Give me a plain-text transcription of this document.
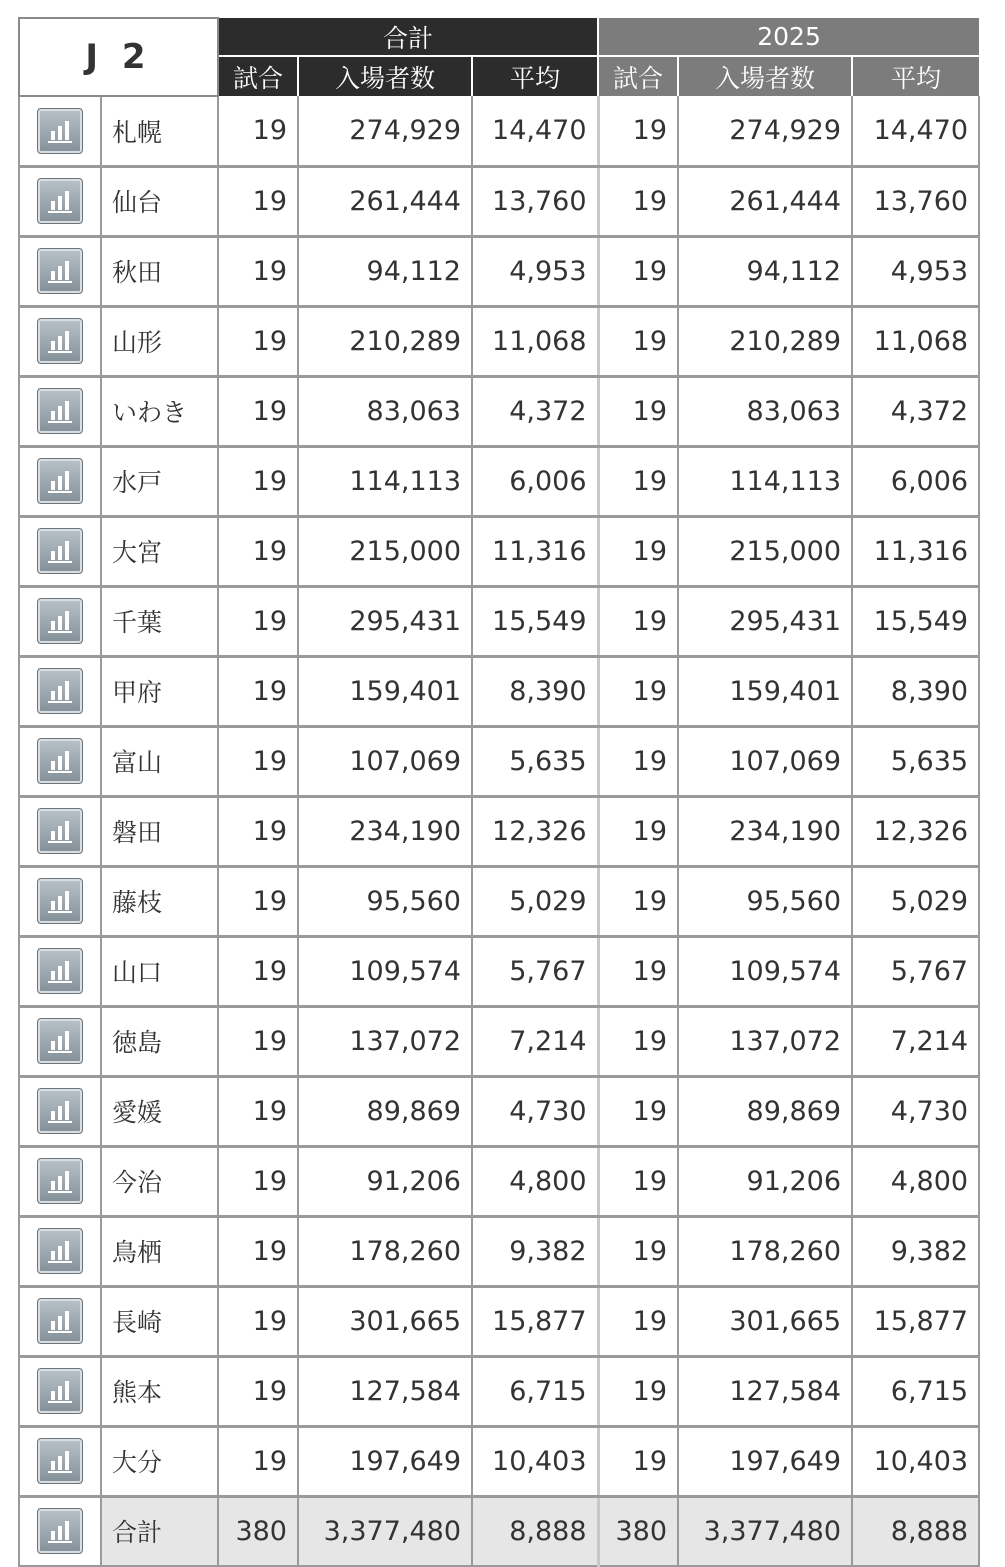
J 2		合計			2025		
		試合	入場者数	平均	試合	入場者数	平均

	札幌	19	274,929	14,470	19	274,929	14,470

	仙台	19	261,444	13,760	19	261,444	13,760

	秋田	19	94,112	4,953	19	94,112	4,953

	山形	19	210,289	11,068	19	210,289	11,068

	いわき	19	83,063	4,372	19	83,063	4,372

	水戸	19	114,113	6,006	19	114,113	6,006

	大宮	19	215,000	11,316	19	215,000	11,316

	千葉	19	295,431	15,549	19	295,431	15,549

	甲府	19	159,401	8,390	19	159,401	8,390

	富山	19	107,069	5,635	19	107,069	5,635

	磐田	19	234,190	12,326	19	234,190	12,326

	藤枝	19	95,560	5,029	19	95,560	5,029

	山口	19	109,574	5,767	19	109,574	5,767

	徳島	19	137,072	7,214	19	137,072	7,214

	愛媛	19	89,869	4,730	19	89,869	4,730

	今治	19	91,206	4,800	19	91,206	4,800

	鳥栖	19	178,260	9,382	19	178,260	9,382

	長崎	19	301,665	15,877	19	301,665	15,877

	熊本	19	127,584	6,715	19	127,584	6,715

	大分	19	197,649	10,403	19	197,649	10,403

	合計	380	3,377,480	8,888	380	3,377,480	8,888
